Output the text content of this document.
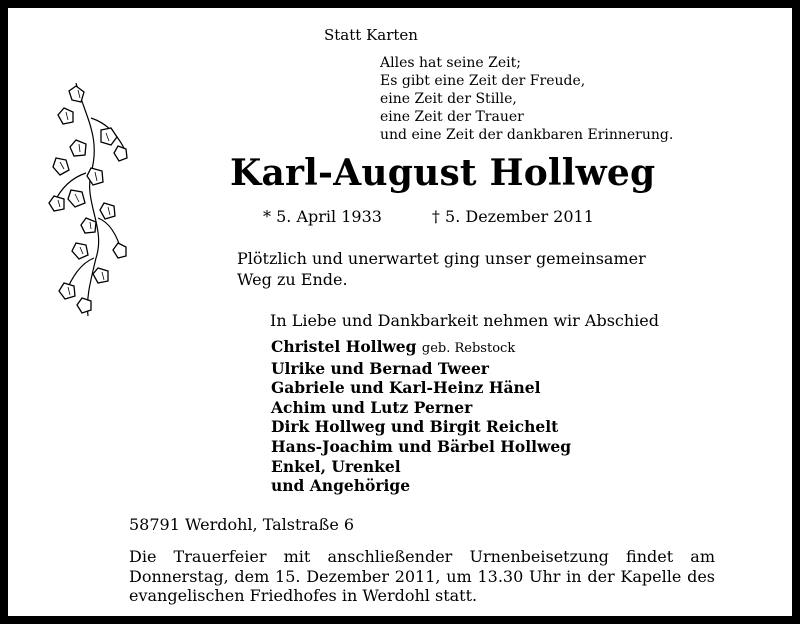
Statt Karten
Alles hat seine Zeit;
Es gibt eine Zeit der Freude,
eine Zeit der Stille,
eine Zeit der Trauer
und eine Zeit der dankbaren Erinnerung.
Karl-August Hollweg
* 5. April 1933	† 5. Dezember 2011
Plötzlich und unerwartet ging unser gemeinsamer Weg zu Ende.
In Liebe und Dankbarkeit nehmen wir Abschied
Christel Hollweg geb. Rebstock
Ulrike und Bernad Tweer
Gabriele und Karl-Heinz Hänel
Achim und Lutz Perner
Dirk Hollweg und Birgit Reichelt
Hans-Joachim und Bärbel Hollweg
Enkel, Urenkel
und Angehörige
58791 Werdohl, Talstraße 6
Die Trauerfeier mit anschließender Urnenbeisetzung findet am Donnerstag, dem 15. Dezember 2011, um 13.30 Uhr in der Kapelle des evangelischen Friedhofes in Werdohl statt.
